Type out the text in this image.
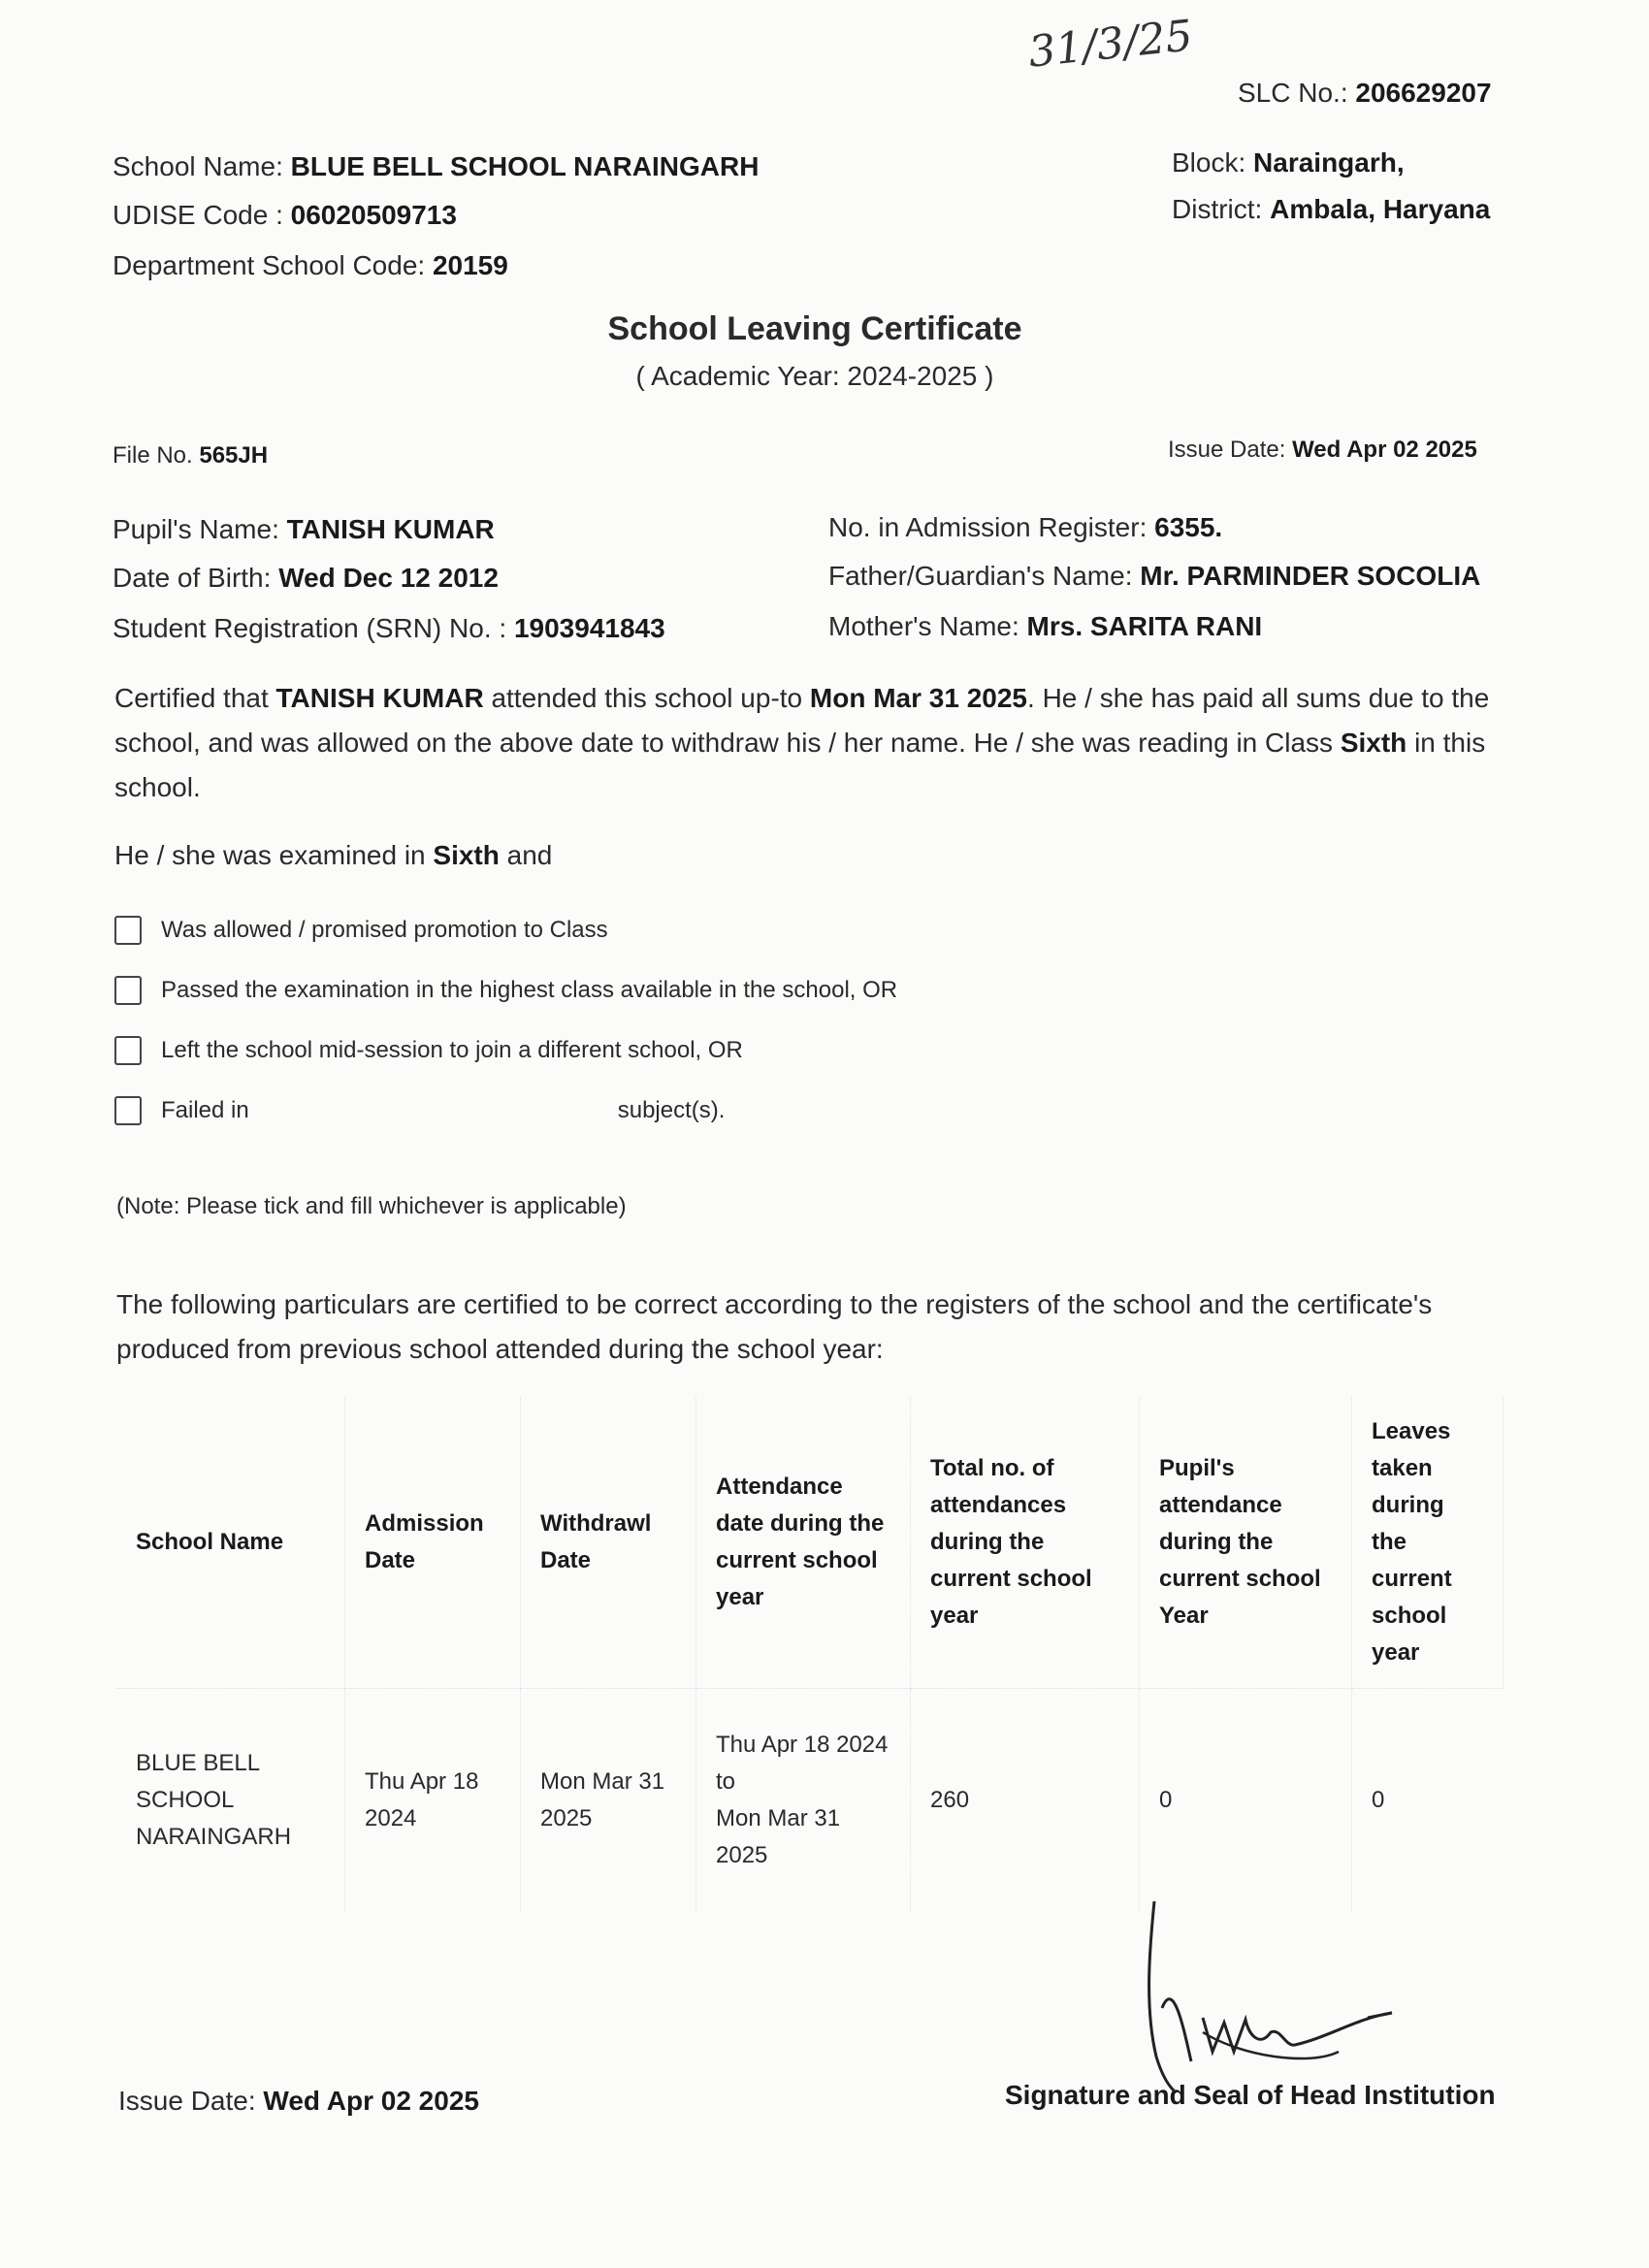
31/3/25
SLC No.: 206629207
School Name: BLUE BELL SCHOOL NARAINGARH
UDISE Code : 06020509713
Department School Code: 20159
Block: Naraingarh,
District: Ambala, Haryana
School Leaving Certificate
( Academic Year: 2024-2025 )
File No. 565JH	Issue Date: Wed Apr 02 2025
Pupil's Name: TANISH KUMAR
Date of Birth: Wed Dec 12 2012
Student Registration (SRN) No. : 1903941843
No. in Admission Register: 6355.
Father/Guardian's Name: Mr. PARMINDER SOCOLIA
Mother's Name: Mrs. SARITA RANI
Certified that TANISH KUMAR attended this school up-to Mon Mar 31 2025. He / she has paid all sums due to the school, and was allowed on the above date to withdraw his / her name. He / she was reading in Class Sixth in this school.
He / she was examined in Sixth and
Was allowed / promised promotion to Class
Passed the examination in the highest class available in the school, OR
Left the school mid-session to join a different school, OR
Failed in	subject(s).
(Note: Please tick and fill whichever is applicable)
The following particulars are certified to be correct according to the registers of the school and the certificate's produced from previous school attended during the school year:
School Name	Admission Date	Withdrawl Date	Attendance date during the current school year	Total no. of attendances during the current school year	Pupil's attendance during the current school Year	Leaves taken during the current school year
BLUE BELL SCHOOL NARAINGARH	Thu Apr 18 2024	Mon Mar 31 2025	Thu Apr 18 2024
to
Mon Mar 31 2025	260	0	0
Issue Date: Wed Apr 02 2025	Signature and Seal of Head Institution
